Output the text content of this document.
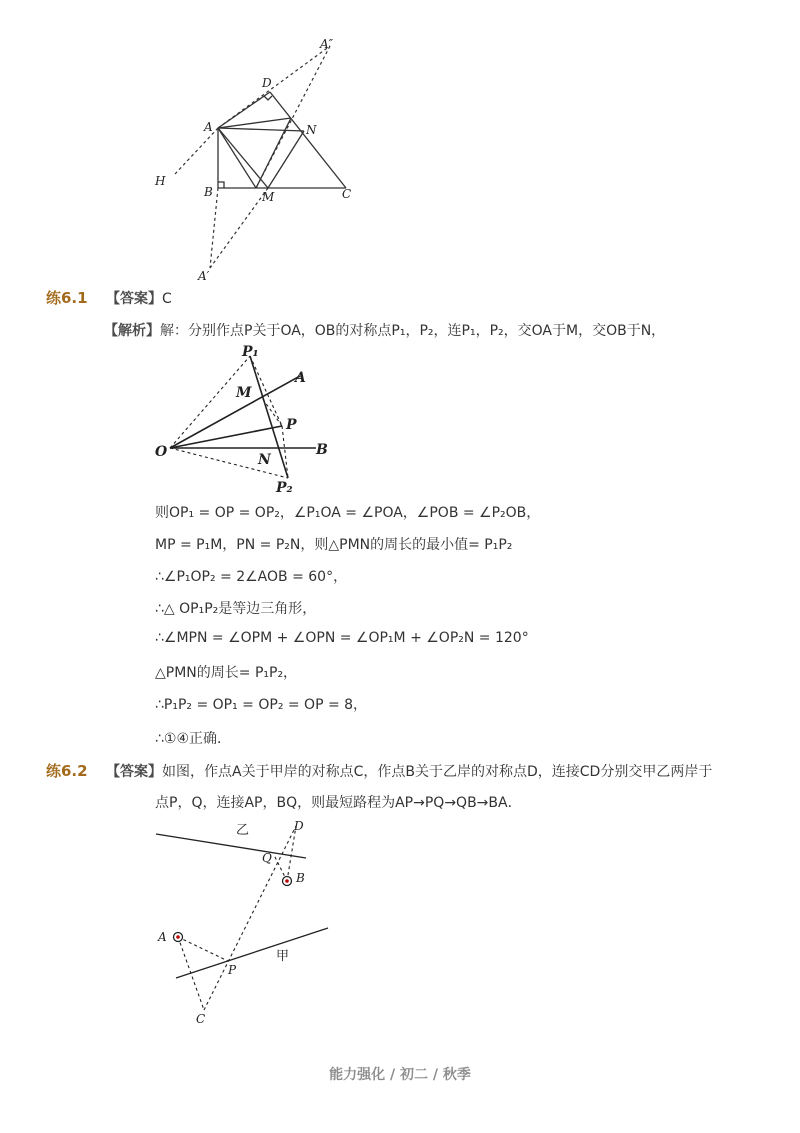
A″
D
A	N
H
B	M	C
A′
练6.1 【答案】C
【解析】解：分别作点P关于OA，OB的对称点P₁，P₂，连P₁，P₂，交OA于M，交OB于N，
P₁
A
M
P
O	B
N
P₂
则OP₁ = OP = OP₂，∠P₁OA = ∠POA，∠POB = ∠P₂OB，
MP = P₁M，PN = P₂N，则△PMN的周长的最小值= P₁P₂
∴∠P₁OP₂ = 2∠AOB = 60°，
∴△ OP₁P₂是等边三角形，
∴∠MPN = ∠OPM + ∠OPN = ∠OP₁M + ∠OP₂N = 120°
△PMN的周长= P₁P₂，
∴P₁P₂ = OP₁ = OP₂ = OP = 8，
∴①④正确．
练6.2 【答案】如图，作点A关于甲岸的对称点C，作点B关于乙岸的对称点D，连接CD分别交甲乙两岸于
点P，Q，连接AP，BQ，则最短路程为AP→PQ→QB→BA．
乙	D
Q
B
A
P
甲
C
能力强化 / 初二 / 秋季
